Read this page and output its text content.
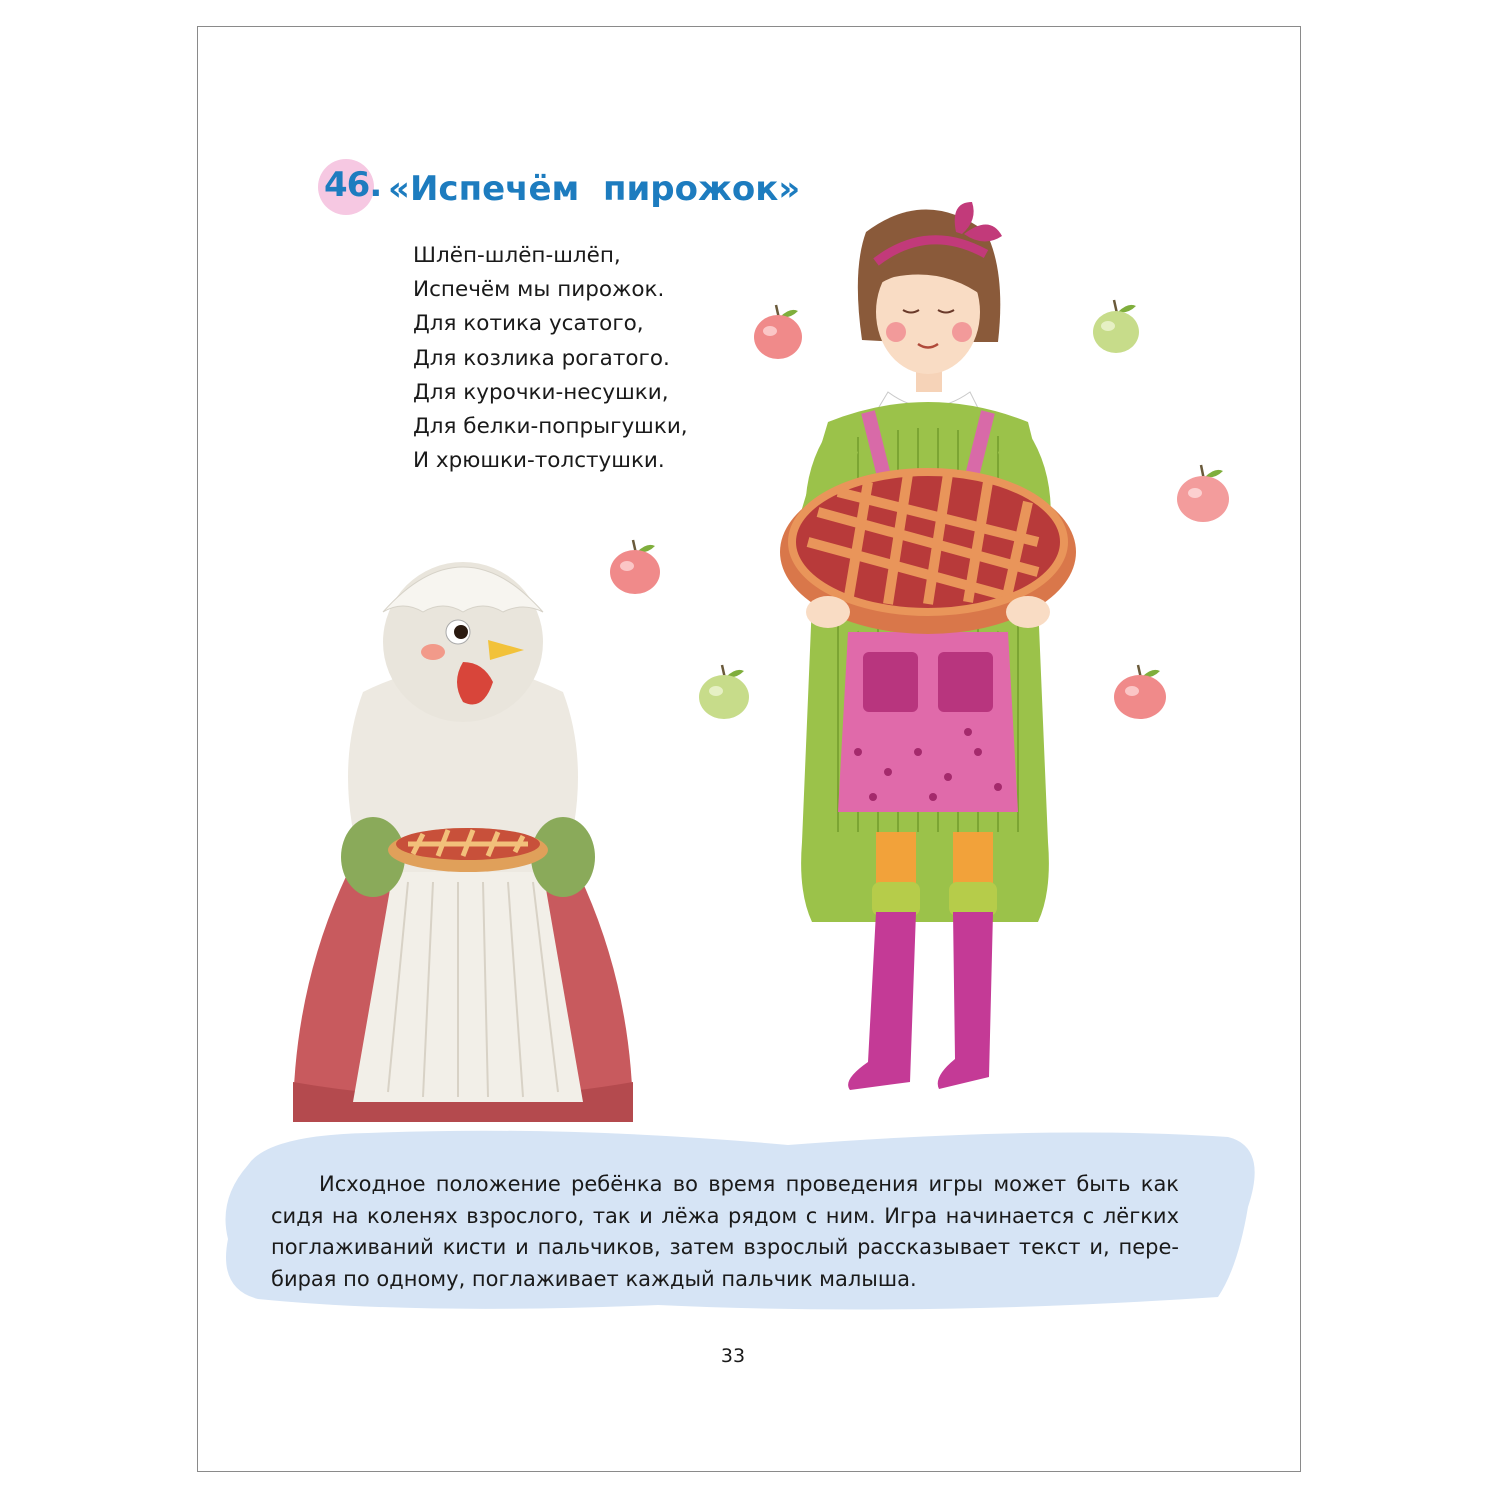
46. «Испечём  пирожок»
Шлёп-шлёп-шлёп,
Испечём мы пирожок.
Для котика усатого,
Для козлика рогатого.
Для курочки-несушки,
Для белки-попрыгушки,
И хрюшки-толстушки.
Исходное положение ребёнка во время проведения игры может быть как сидя на коленях взрослого, так и лёжа рядом с ним. Игра начинается с лёгких поглаживаний кисти и пальчиков, затем взрослый рассказывает текст и, перебирая по одному, поглаживает каждый пальчик малыша.
33
